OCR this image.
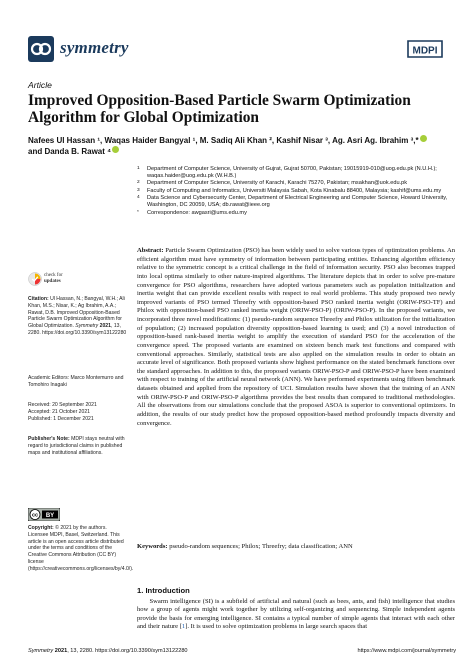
symmetry	MDPI
Article
Improved Opposition-Based Particle Swarm Optimization Algorithm for Global Optimization
Nafees Ul Hassan ¹, Waqas Haider Bangyal ¹, M. Sadiq Ali Khan ², Kashif Nisar ³, Ag. Asri Ag. Ibrahim ³,*
and Danda B. Rawat ⁴
1 Department of Computer Science, University of Gujrat, Gujrat 50700, Pakistan; 19015919-010@uog.edu.pk (N.U.H.); waqas.haider@uog.edu.pk (W.H.B.)
2 Department of Computer Science, University of Karachi, Karachi 75270, Pakistan; msakhan@uok.edu.pk
3 Faculty of Computing and Informatics, Universiti Malaysia Sabah, Kota Kinabalu 88400, Malaysia; kashif@ums.edu.my
4 Data Science and Cybersecurity Center, Department of Electrical Engineering and Computer Science, Howard University, Washington, DC 20059, USA; db.rawat@ieee.org
* Correspondence: awgasri@ums.edu.my
Abstract: Particle Swarm Optimization (PSO) has been widely used to solve various types of optimization problems. An efficient algorithm must have symmetry of information between participating entities. Enhancing algorithm efficiency relative to the symmetric concept is a critical challenge in the field of information security. PSO also becomes trapped into local optima similarly to other nature-inspired algorithms. The literature depicts that in order to solve pre-mature convergence for PSO algorithms, researchers have adopted various parameters such as population initialization and inertia weight that can provide excellent results with respect to real world problems. This study proposed two newly improved variants of PSO termed Threefry with opposition-based PSO ranked inertia weight (ORIW-PSO-TF) and Philox with opposition-based PSO ranked inertia weight (ORIW-PSO-P) (ORIW-PSO-P). In the proposed variants, we incorporated three novel modifications: (1) pseudo-random sequence Threefry and Philox utilization for the initialization of population; (2) increased population diversity opposition-based learning is used; and (3) a novel introduction of opposition-based rank-based inertia weight to amplify the execution of standard PSO for the acceleration of the convergence speed. The proposed variants are examined on sixteen bench mark test functions and compared with conventional approaches. Similarly, statistical tests are also applied on the simulation results in order to obtain an accurate level of significance. Both proposed variants show highest performance on the stated benchmark functions over the standard approaches. In addition to this, the proposed variants ORIW-PSO-P and ORIW-PSO-P have been examined with respect to training of the artificial neural network (ANN). We have performed experiments using fifteen benchmark datasets obtained and applied from the repository of UCI. Simulation results have shown that the training of an ANN with ORIW-PSO-P and ORIW-PSO-P algorithms provides the best results than compared to traditional methodologies. All the observations from our simulations conclude that the proposed ASOA is superior to conventional optimizers. In addition, the results of our study predict how the proposed opposition-based method profoundly impacts diversity and convergence.
Keywords: pseudo-random sequences; Philox; Threefry; data classification; ANN
check for
updates
Citation: Ul Hassan, N.; Bangyal, W.H.; Ali Khan, M.S.; Nisar, K.; Ag Ibrahim, A.A.; Rawat, D.B. Improved Opposition-Based Particle Swarm Optimization Algorithm for Global Optimization. Symmetry 2021, 13, 2280. https://doi.org/10.3390/sym13122280
Academic Editors: Marco Montemurro and Tomohiro Inagaki
Received: 20 September 2021
Accepted: 21 October 2021
Published: 1 December 2021
Publisher's Note: MDPI stays neutral with regard to jurisdictional claims in published maps and institutional affiliations.
cc BY
Copyright: © 2021 by the authors. Licensee MDPI, Basel, Switzerland. This article is an open access article distributed under the terms and conditions of the Creative Commons Attribution (CC BY) license (https://creativecommons.org/licenses/by/4.0/).
1. Introduction
Swarm intelligence (SI) is a subfield of artificial and natural (such as bees, ants, and fish) intelligence that studies how a group of agents might work together by utilizing self-organizing and sequencing. Simple independent agents provide the basis for emerging intelligence. SI contains a typical number of simple agents that interact with each other and their nature [1]. It is used to solve optimization problems in large search spaces that
Symmetry 2021, 13, 2280. https://doi.org/10.3390/sym13122280	https://www.mdpi.com/journal/symmetry
